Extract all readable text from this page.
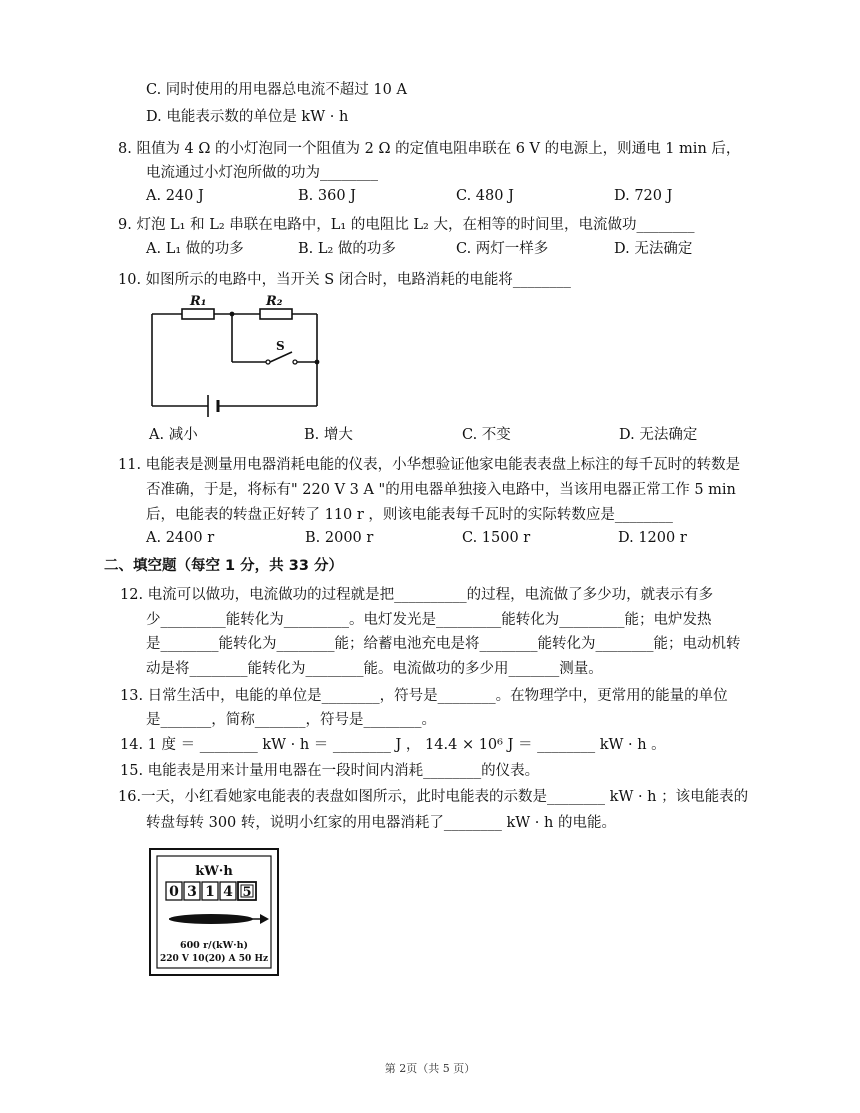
C. 同时使用的用电器总电流不超过 10 A
D. 电能表示数的单位是 kW · h
8. 阻值为 4 Ω 的小灯泡同一个阻值为 2 Ω 的定值电阻串联在 6 V 的电源上，则通电 1 min 后，
电流通过小灯泡所做的功为________
A. 240 J	B. 360 J	C. 480 J	D. 720 J
9. 灯泡 L₁ 和 L₂ 串联在电路中，L₁ 的电阻比 L₂ 大，在相等的时间里，电流做功________
A. L₁ 做的功多	B. L₂ 做的功多	C. 两灯一样多	D. 无法确定
10. 如图所示的电路中，当开关 S 闭合时，电路消耗的电能将________
R₁	R₂
S
A. 减小	B. 增大	C. 不变	D. 无法确定
11. 电能表是测量用电器消耗电能的仪表，小华想验证他家电能表表盘上标注的每千瓦时的转数是
否准确，于是，将标有" 220 V 3 A "的用电器单独接入电路中，当该用电器正常工作 5 min
后，电能表的转盘正好转了 110 r ，则该电能表每千瓦时的实际转数应是________
A. 2400 r	B. 2000 r	C. 1500 r	D. 1200 r
二、填空题（每空 1 分，共 33 分）
12. 电流可以做功，电流做功的过程就是把__________的过程，电流做了多少功，就表示有多
少_________能转化为_________。电灯发光是_________能转化为_________能；电炉发热
是________能转化为________能；给蓄电池充电是将________能转化为________能；电动机转
动是将________能转化为________能。电流做功的多少用_______测量。
13. 日常生活中，电能的单位是________，符号是________。在物理学中，更常用的能量的单位
是_______，简称_______，符号是________。
14. 1 度 ＝ ________ kW · h ＝ ________ J ， 14.4 × 10⁶ J ＝ ________ kW · h 。
15. 电能表是用来计量用电器在一段时间内消耗________的仪表。
16.一天，小红看她家电能表的表盘如图所示，此时电能表的示数是________ kW · h ；该电能表的
转盘每转 300 转，说明小红家的用电器消耗了________ kW · h 的电能。
kW·h
0 3 1 4 5
600 r/(kW·h)
220 V 10(20) A 50 Hz
第 2页（共 5 页）
